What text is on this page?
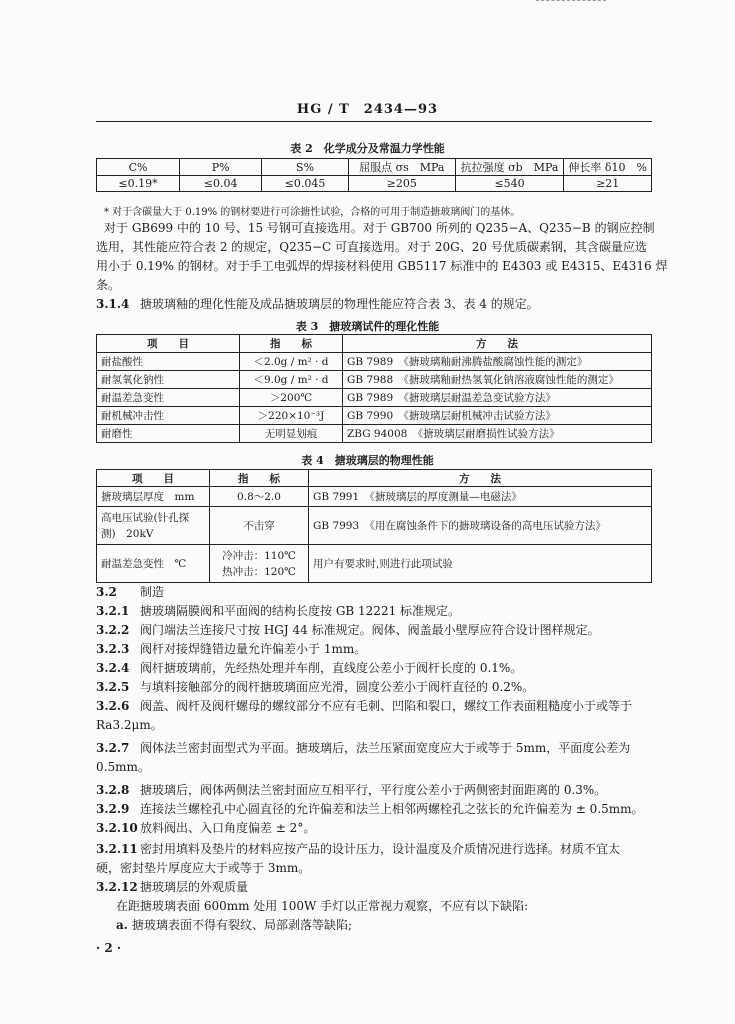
HG / T　2434—93
表 2　化学成分及常温力学性能
C%	P%	S%	屈服点 σs　MPa	抗拉强度 σb　MPa	伸长率 δ10　%
≤0.19*	≤0.04	≤0.045	≥205	≤540	≥21
* 对于含碳量大于 0.19% 的钢材要进行可涂搪性试验，合格的可用于制造搪玻璃阀门的基体。
对于 GB699 中的 10 号、15 号钢可直接选用。对于 GB700 所列的 Q235−A、Q235−B 的钢应控制
选用，其性能应符合表 2 的规定，Q235−C 可直接选用。对于 20G、20 号优质碳素钢，其含碳量应选
用小于 0.19% 的钢材。对于手工电弧焊的焊接材料使用 GB5117 标准中的 E4303 或 E4315、E4316 焊
条。
3.1.4 搪玻璃釉的理化性能及成品搪玻璃层的物理性能应符合表 3、表 4 的规定。
表 3　搪玻璃试件的理化性能
项　　目	指　　标	方　　法
耐盐酸性	＜2.0g / m² · d	GB 7989　《搪玻璃釉耐沸腾盐酸腐蚀性能的测定》
耐氢氧化钠性	＜9.0g / m² · d	GB 7988　《搪玻璃釉耐热氢氧化钠溶液腐蚀性能的测定》
耐温差急变性	＞200℃	GB 7989　《搪玻璃层耐温差急变试验方法》
耐机械冲击性	＞220×10⁻³J	GB 7990　《搪玻璃层耐机械冲击试验方法》
耐磨性	无明显划痕	ZBG 94008　《搪玻璃层耐磨损性试验方法》
表 4　搪玻璃层的物理性能
项　　目	指　　标	方　　法
搪玻璃层厚度　mm	0.8～2.0	GB 7991　《搪玻璃层的厚度测量—电磁法》

高电压试验(针孔探
测)　20kV	不击穿	GB 7993　《用在腐蚀条件下的搪玻璃设备的高电压试验方法》
耐温差急变性　℃	冷冲击：110℃
热冲击：120℃	用户有要求时,则进行此项试验
3.2 制造
3.2.1 搪玻璃隔膜阀和平面阀的结构长度按 GB 12221 标准规定。
3.2.2 阀门端法兰连接尺寸按 HGJ 44 标准规定。阀体、阀盖最小壁厚应符合设计图样规定。
3.2.3 阀杆对接焊缝错边量允许偏差小于 1mm。
3.2.4 阀杆搪玻璃前，先经热处理并车削，直线度公差小于阀杆长度的 0.1%。
3.2.5 与填料接触部分的阀杆搪玻璃面应光滑，圆度公差小于阀杆直径的 0.2%。
3.2.6 阀盖、阀杆及阀杆螺母的螺纹部分不应有毛刺、凹陷和裂口，螺纹工作表面粗糙度小于或等于
Ra3.2μm。
3.2.7 阀体法兰密封面型式为平面。搪玻璃后，法兰压紧面宽度应大于或等于 5mm，平面度公差为
0.5mm。
3.2.8 搪玻璃后，阀体两侧法兰密封面应互相平行，平行度公差小于两侧密封面距离的 0.3%。
3.2.9 连接法兰螺栓孔中心圆直径的允许偏差和法兰上相邻两螺栓孔之弦长的允许偏差为 ± 0.5mm。
3.2.10 放料阀出、入口角度偏差 ± 2°。
3.2.11 密封用填料及垫片的材料应按产品的设计压力，设计温度及介质情况进行选择。材质不宜太
硬，密封垫片厚度应大于或等于 3mm。
3.2.12 搪玻璃层的外观质量
在距搪玻璃表面 600mm 处用 100W 手灯以正常视力观察，不应有以下缺陷:
a. 搪玻璃表面不得有裂纹、局部剥落等缺陷;
· 2 ·
